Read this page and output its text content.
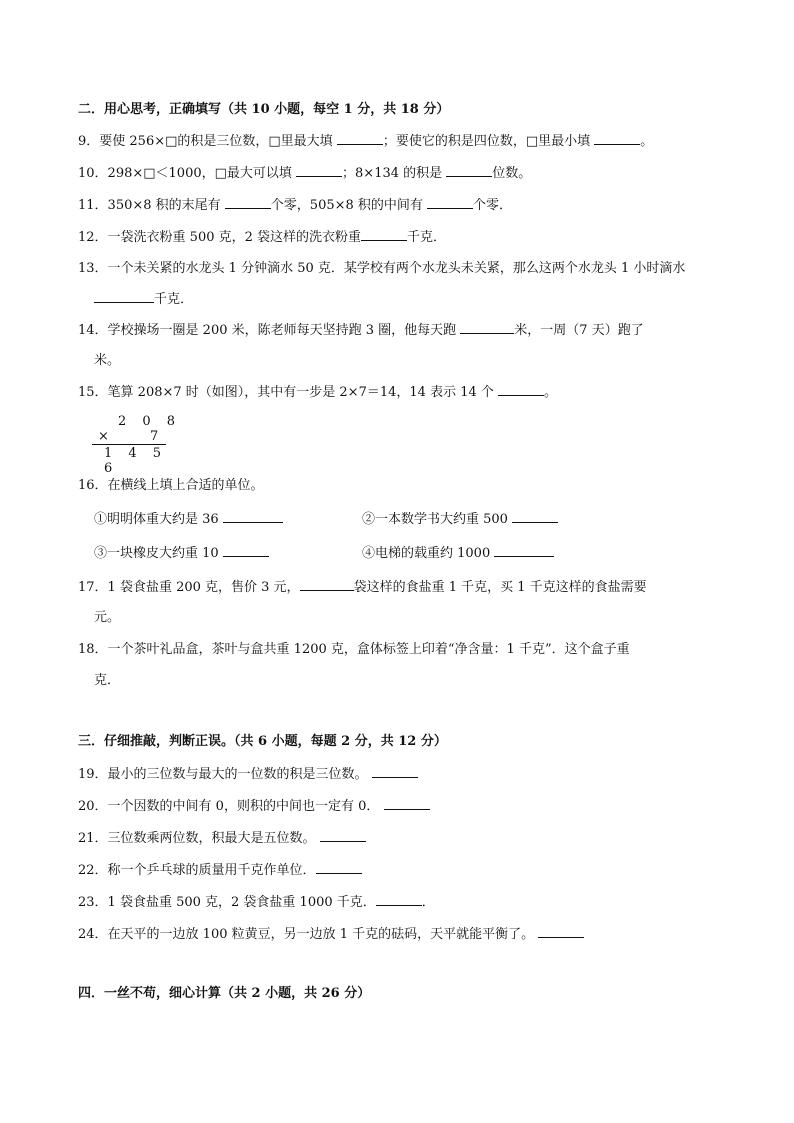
二．用心思考，正确填写（共 10 小题，每空 1 分，共 18 分）
9．要使 256×□的积是三位数，□里最大填	；要使它的积是四位数，□里最小填	。
10．298×□＜1000，□最大可以填	；8×134 的积是	位数。
11．350×8 积的末尾有	个零，505×8 积的中间有	个零．
12．一袋洗衣粉重 500 克，2 袋这样的洗衣粉重	千克．
13．一个未关紧的水龙头 1 分钟滴水 50 克．某学校有两个水龙头未关紧，那么这两个水龙头 1 小时滴水
千克．
14．学校操场一圈是 200 米，陈老师每天坚持跑 3 圈，他每天跑	米，一周（7 天）跑了
米。
15．笔算 208×7 时（如图），其中有一步是 2×7＝14，14 表示 14 个	。
2 0 8
×	7
1 4 5 6
16．在横线上填上合适的单位。
①明明体重大约是 36	②一本数学书大约重 500
③一块橡皮大约重 10	④电梯的载重约 1000
17．1 袋食盐重 200 克，售价 3 元，	袋这样的食盐重 1 千克，买 1 千克这样的食盐需要
元。
18．一个茶叶礼品盒，茶叶与盒共重 1200 克，盒体标签上印着“净含量：1 千克”．这个盒子重
克．
三．仔细推敲，判断正误。（共 6 小题，每题 2 分，共 12 分）
19．最小的三位数与最大的一位数的积是三位数。
20．一个因数的中间有 0，则积的中间也一定有 0．
21．三位数乘两位数，积最大是五位数。
22．称一个乒乓球的质量用千克作单位．
23．1 袋食盐重 500 克，2 袋食盐重 1000 千克．	．
24．在天平的一边放 100 粒黄豆，另一边放 1 千克的砝码，天平就能平衡了。
四．一丝不苟，细心计算（共 2 小题，共 26 分）
